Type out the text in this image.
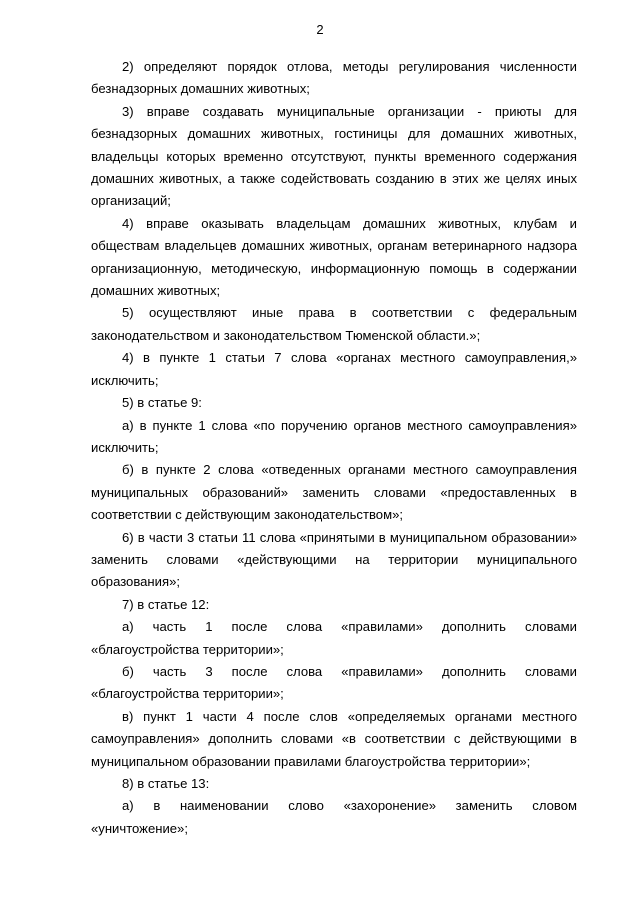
2

2) определяют порядок отлова, методы регулирования численности безнадзорных домашних животных;

3) вправе создавать муниципальные организации - приюты для безнадзорных домашних животных, гостиницы для домашних животных, владельцы которых временно отсутствуют, пункты временного содержания домашних животных, а также содействовать созданию в этих же целях иных организаций;

4) вправе оказывать владельцам домашних животных, клубам и обществам владельцев домашних животных, органам ветеринарного надзора организационную, методическую, информационную помощь в содержании домашних животных;

5) осуществляют иные права в соответствии с федеральным законодательством и законодательством Тюменской области.»;

4) в пункте 1 статьи 7 слова «органах местного самоуправления,» исключить;

5) в статье 9:

а) в пункте 1 слова «по поручению органов местного самоуправления» исключить;

б) в пункте 2 слова «отведенных органами местного самоуправления муниципальных образований» заменить словами «предоставленных в соответствии с действующим законодательством»;

6) в части 3 статьи 11 слова «принятыми в муниципальном образовании» заменить словами «действующими на территории муниципального образования»;

7) в статье 12:

а) часть 1 после слова «правилами» дополнить словами «благоустройства территории»;

б) часть 3 после слова «правилами» дополнить словами «благоустройства территории»;

в) пункт 1 части 4 после слов «определяемых органами местного самоуправления» дополнить словами «в соответствии с действующими в муниципальном образовании правилами благоустройства территории»;

8) в статье 13:

а) в наименовании слово «захоронение» заменить словом «уничтожение»;
